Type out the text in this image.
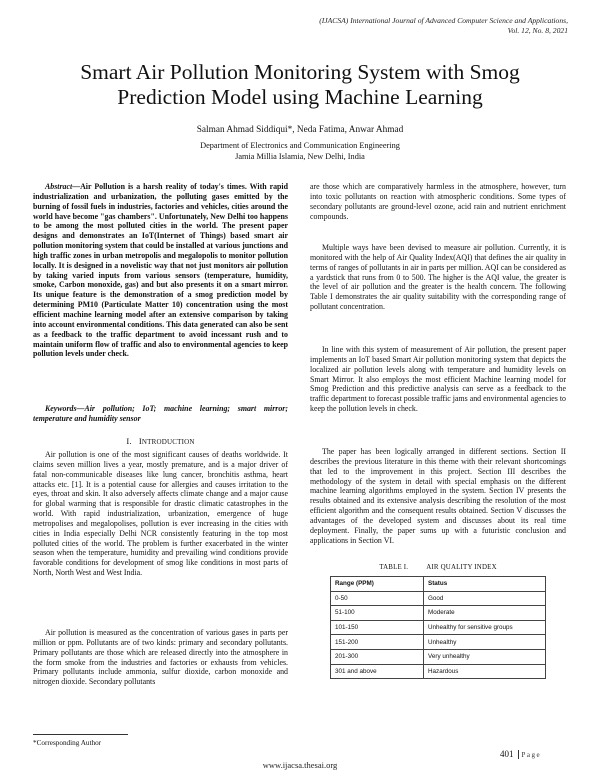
(IJACSA) International Journal of Advanced Computer Science and Applications,
Vol. 12, No. 8, 2021
Smart Air Pollution Monitoring System with Smog
Prediction Model using Machine Learning
Salman Ahmad Siddiqui*, Neda Fatima, Anwar Ahmad
Department of Electronics and Communication Engineering
Jamia Millia Islamia, New Delhi, India

Abstract—Air Pollution is a harsh reality of today's times. With rapid industrialization and urbanization, the polluting gases emitted by the burning of fossil fuels in industries, factories and vehicles, cities around the world have become "gas chambers". Unfortunately, New Delhi too happens to be among the most polluted cities in the world. The present paper designs and demonstrates an IoT(Internet of Things) based smart air pollution monitoring system that could be installed at various junctions and high traffic zones in urban metropolis and megalopolis to monitor pollution locally. It is designed in a novelistic way that not just monitors air pollution by taking varied inputs from various sensors (temperature, humidity, smoke, Carbon monoxide, gas) and but also presents it on a smart mirror. Its unique feature is the demonstration of a smog prediction model by determining PM10 (Particulate Matter 10) concentration using the most efficient machine learning model after an extensive comparison by taking into account environmental conditions. This data generated can also be sent as a feedback to the traffic department to avoid incessant rush and to maintain uniform flow of traffic and also to environmental agencies to keep pollution levels under check.

Keywords—Air pollution; IoT; machine learning; smart mirror; temperature and humidity sensor

I. INTRODUCTION

Air pollution is one of the most significant causes of deaths worldwide. It claims seven million lives a year, mostly premature, and is a major driver of fatal non-communicable diseases like lung cancer, bronchitis asthma, heart attacks etc. [1]. It is a potential cause for allergies and causes irritation to the eyes, throat and skin. It also adversely affects climate change and a major cause for global warming that is responsible for drastic climatic catastrophes in the world. With rapid industrialization, urbanization, emergence of huge metropolises and megalopolises, pollution is ever increasing in the cities with cities in India especially Delhi NCR consistently featuring in the top most polluted cities of the world. The problem is further exacerbated in the winter season when the temperature, humidity and prevailing wind conditions provide favorable conditions for development of smog like conditions in most parts of North, North West and West India.

Air pollution is measured as the concentration of various gases in parts per million or ppm. Pollutants are of two kinds: primary and secondary pollutants. Primary pollutants are those which are released directly into the atmosphere in the form smoke from the industries and factories or exhausts from vehicles. Primary pollutants include ammonia, sulfur dioxide, carbon monoxide and nitrogen dioxide. Secondary pollutants

*Corresponding Author

are those which are comparatively harmless in the atmosphere, however, turn into toxic pollutants on reaction with atmospheric conditions. Some types of secondary pollutants are ground-level ozone, acid rain and nutrient enrichment compounds.

Multiple ways have been devised to measure air pollution. Currently, it is monitored with the help of Air Quality Index(AQI) that defines the air quality in terms of ranges of pollutants in air in parts per million. AQI can be considered as a yardstick that runs from 0 to 500. The higher is the AQI value, the greater is the level of air pollution and the greater is the health concern. The following Table I demonstrates the air quality suitability with the corresponding range of pollutant concentration.

In line with this system of measurement of Air pollution, the present paper implements an IoT based Smart Air pollution monitoring system that depicts the localized air pollution levels along with temperature and humidity levels on Smart Mirror. It also employs the most efficient Machine learning model for Smog Prediction and this predictive analysis can serve as a feedback to the traffic department to forecast possible traffic jams and environmental agencies to keep the pollution levels in check.

The paper has been logically arranged in different sections. Section II describes the previous literature in this theme with their relevant shortcomings that led to the improvement in this project. Section III describes the methodology of the system in detail with special emphasis on the different machine learning algorithms employed in the system. Section IV presents the results obtained and its extensive analysis describing the resolution of the most efficient algorithm and the consequent results obtained. Section V discusses the advantages of the developed system and discusses about its real time deployment. Finally, the paper sums up with a futuristic conclusion and applications in Section VI.

TABLE I.	AIR QUALITY INDEX
Range (PPM)	Status
0-50	Good
51-100	Moderate
101-150	Unhealthy for sensitive groups
151-200	Unhealthy
201-300	Very unhealthy
301 and above	Hazardous
401 Page
www.ijacsa.thesai.org
